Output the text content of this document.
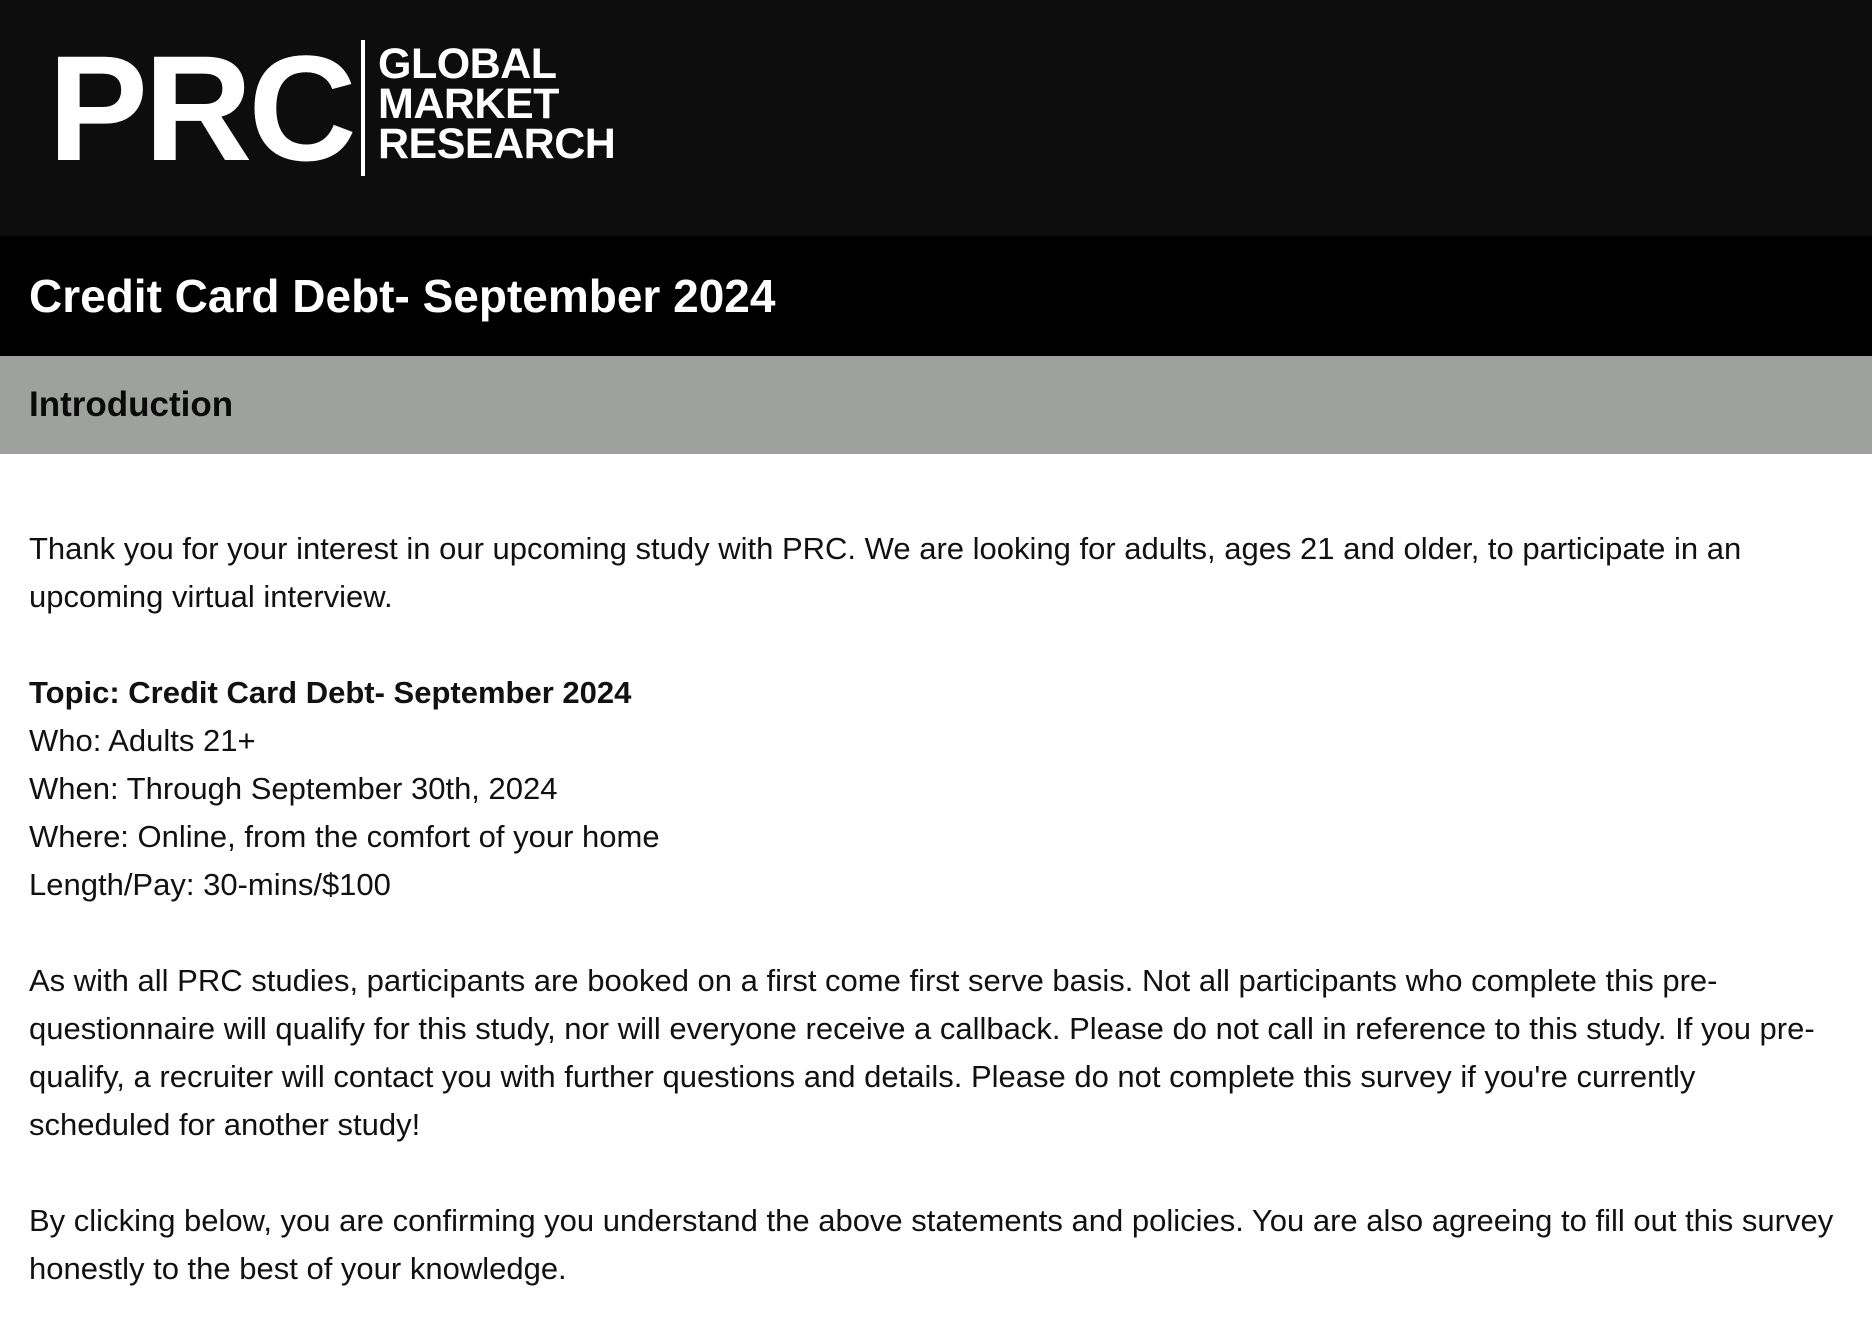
PRC GLOBAL
MARKET
RESEARCH
Credit Card Debt- September 2024
Introduction

Thank you for your interest in our upcoming study with PRC. We are looking for adults, ages 21 and older, to participate in an upcoming virtual interview.

Topic: Credit Card Debt- September 2024
Who: Adults 21+
When: Through September 30th, 2024
Where: Online, from the comfort of your home
Length/Pay: 30-mins/$100

As with all PRC studies, participants are booked on a first come first serve basis. Not all participants who complete this pre-questionnaire will qualify for this study, nor will everyone receive a callback. Please do not call in reference to this study. If you pre-qualify, a recruiter will contact you with further questions and details. Please do not complete this survey if you're currently scheduled for another study!

By clicking below, you are confirming you understand the above statements and policies. You are also agreeing to fill out this survey honestly to the best of your knowledge.
